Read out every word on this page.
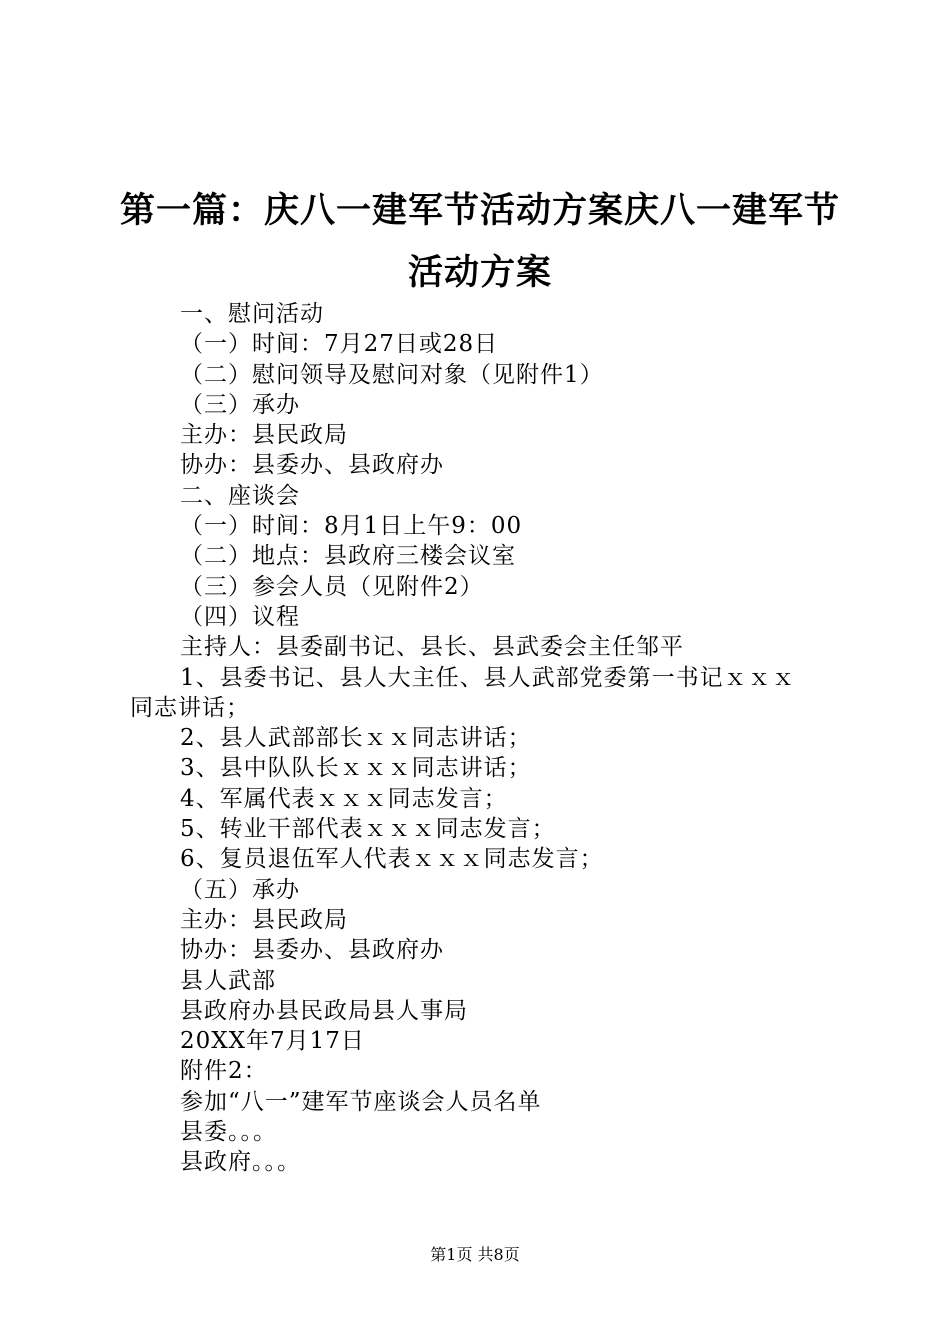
第一篇：庆八一建军节活动方案庆八一建军节活动方案
一、慰问活动
（一）时间：7月27日或28日
（二）慰问领导及慰问对象（见附件1）
（三）承办
主办：县民政局
协办：县委办、县政府办
二、座谈会
（一）时间：8月1日上午9：00
（二）地点：县政府三楼会议室
（三）参会人员（见附件2）
（四）议程
主持人：县委副书记、县长、县武委会主任邹平
1、县委书记、县人大主任、县人武部党委第一书记ｘｘｘ
同志讲话；
2、县人武部部长ｘｘ同志讲话；
3、县中队队长ｘｘｘ同志讲话；
4、军属代表ｘｘｘ同志发言；
5、转业干部代表ｘｘｘ同志发言；
6、复员退伍军人代表ｘｘｘ同志发言；
（五）承办
主办：县民政局
协办：县委办、县政府办
县人武部
县政府办县民政局县人事局
20XX年7月17日
附件2：
参加“八一”建军节座谈会人员名单
县委。。。
县政府。。。
第1页 共8页
